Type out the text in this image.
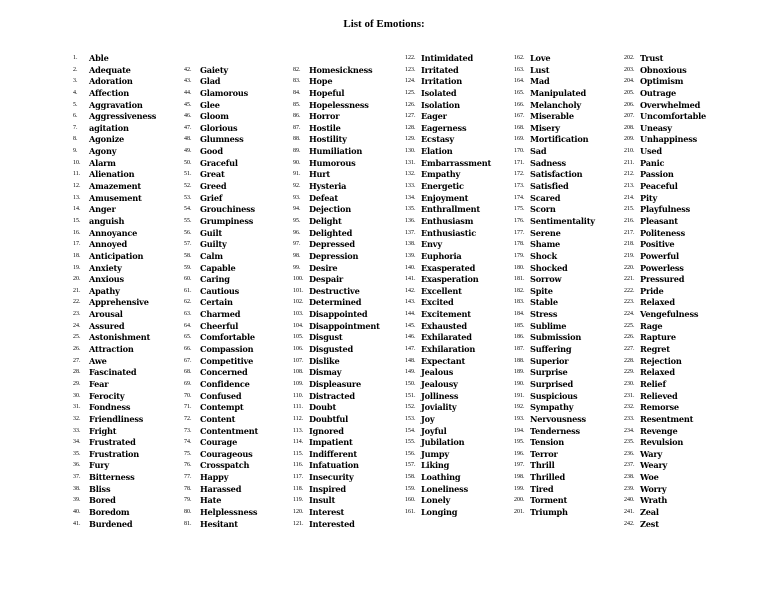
List of Emotions:
1.	Able
2.	Adequate
3.	Adoration
4.	Affection
5.	Aggravation
6.	Aggressiveness
7.	agitation
8.	Agonize
9.	Agony
10.	Alarm
11.	Alienation
12.	Amazement
13.	Amusement
14.	Anger
15.	anguish
16.	Annoyance
17.	Annoyed
18.	Anticipation
19.	Anxiety
20.	Anxious
21.	Apathy
22.	Apprehensive
23.	Arousal
24.	Assured
25.	Astonishment
26.	Attraction
27.	Awe
28.	Fascinated
29.	Fear
30.	Ferocity
31.	Fondness
32.	Friendliness
33.	Fright
34.	Frustrated
35.	Frustration
36.	Fury
37.	Bitterness
38.	Bliss
39.	Bored
40.	Boredom
41.	Burdened
42.	Gaiety
43.	Glad
44.	Glamorous
45.	Glee
46.	Gloom
47.	Glorious
48.	Glumness
49.	Good
50.	Graceful
51.	Great
52.	Greed
53.	Grief
54.	Grouchiness
55.	Grumpiness
56.	Guilt
57.	Guilty
58.	Calm
59.	Capable
60.	Caring
61.	Cautious
62.	Certain
63.	Charmed
64.	Cheerful
65.	Comfortable
66.	Compassion
67.	Competitive
68.	Concerned
69.	Confidence
70.	Confused
71.	Contempt
72.	Content
73.	Contentment
74.	Courage
75.	Courageous
76.	Crosspatch
77.	Happy
78.	Harassed
79.	Hate
80.	Helplessness
81.	Hesitant
82.	Homesickness
83.	Hope
84.	Hopeful
85.	Hopelessness
86.	Horror
87.	Hostile
88.	Hostility
89.	Humiliation
90.	Humorous
91.	Hurt
92.	Hysteria
93.	Defeat
94.	Dejection
95.	Delight
96.	Delighted
97.	Depressed
98.	Depression
99.	Desire
100. Despair
101. Destructive
102. Determined
103. Disappointed
104. Disappointment
105. Disgust
106. Disgusted
107. Dislike
108. Dismay
109. Displeasure
110. Distracted
111. Doubt
112. Doubtful
113. Ignored
114. Impatient
115. Indifferent
116. Infatuation
117. Insecurity
118. Inspired
119. Insult
120. Interest
121. Interested
122. Intimidated
123. Irritated
124. Irritation
125. Isolated
126. Isolation
127. Eager
128. Eagerness
129. Ecstasy
130. Elation
131. Embarrassment
132. Empathy
133. Energetic
134. Enjoyment
135. Enthrallment
136. Enthusiasm
137. Enthusiastic
138. Envy
139. Euphoria
140. Exasperated
141. Exasperation
142. Excellent
143. Excited
144. Excitement
145. Exhausted
146. Exhilarated
147. Exhilaration
148. Expectant
149. Jealous
150. Jealousy
151. Jolliness
152. Joviality
153. Joy
154. Joyful
155. Jubilation
156. Jumpy
157. Liking
158. Loathing
159. Loneliness
160. Lonely
161. Longing
162. Love
163. Lust
164. Mad
165. Manipulated
166. Melancholy
167. Miserable
168. Misery
169. Mortification
170. Sad
171. Sadness
172. Satisfaction
173. Satisfied
174. Scared
175. Scorn
176. Sentimentality
177. Serene
178. Shame
179. Shock
180. Shocked
181. Sorrow
182. Spite
183. Stable
184. Stress
185. Sublime
186. Submission
187. Suffering
188. Superior
189. Surprise
190. Surprised
191. Suspicious
192. Sympathy
193. Nervousness
194. Tenderness
195. Tension
196. Terror
197. Thrill
198. Thrilled
199. Tired
200. Torment
201. Triumph
202. Trust
203. Obnoxious
204. Optimism
205. Outrage
206. Overwhelmed
207. Uncomfortable
208. Uneasy
209. Unhappiness
210. Used
211. Panic
212. Passion
213. Peaceful
214. Pity
215. Playfulness
216. Pleasant
217. Politeness
218. Positive
219. Powerful
220. Powerless
221. Pressured
222. Pride
223. Relaxed
224. Vengefulness
225. Rage
226. Rapture
227. Regret
228. Rejection
229. Relaxed
230. Relief
231. Relieved
232. Remorse
233. Resentment
234. Revenge
235. Revulsion
236. Wary
237. Weary
238. Woe
239. Worry
240. Wrath
241. Zeal
242. Zest
